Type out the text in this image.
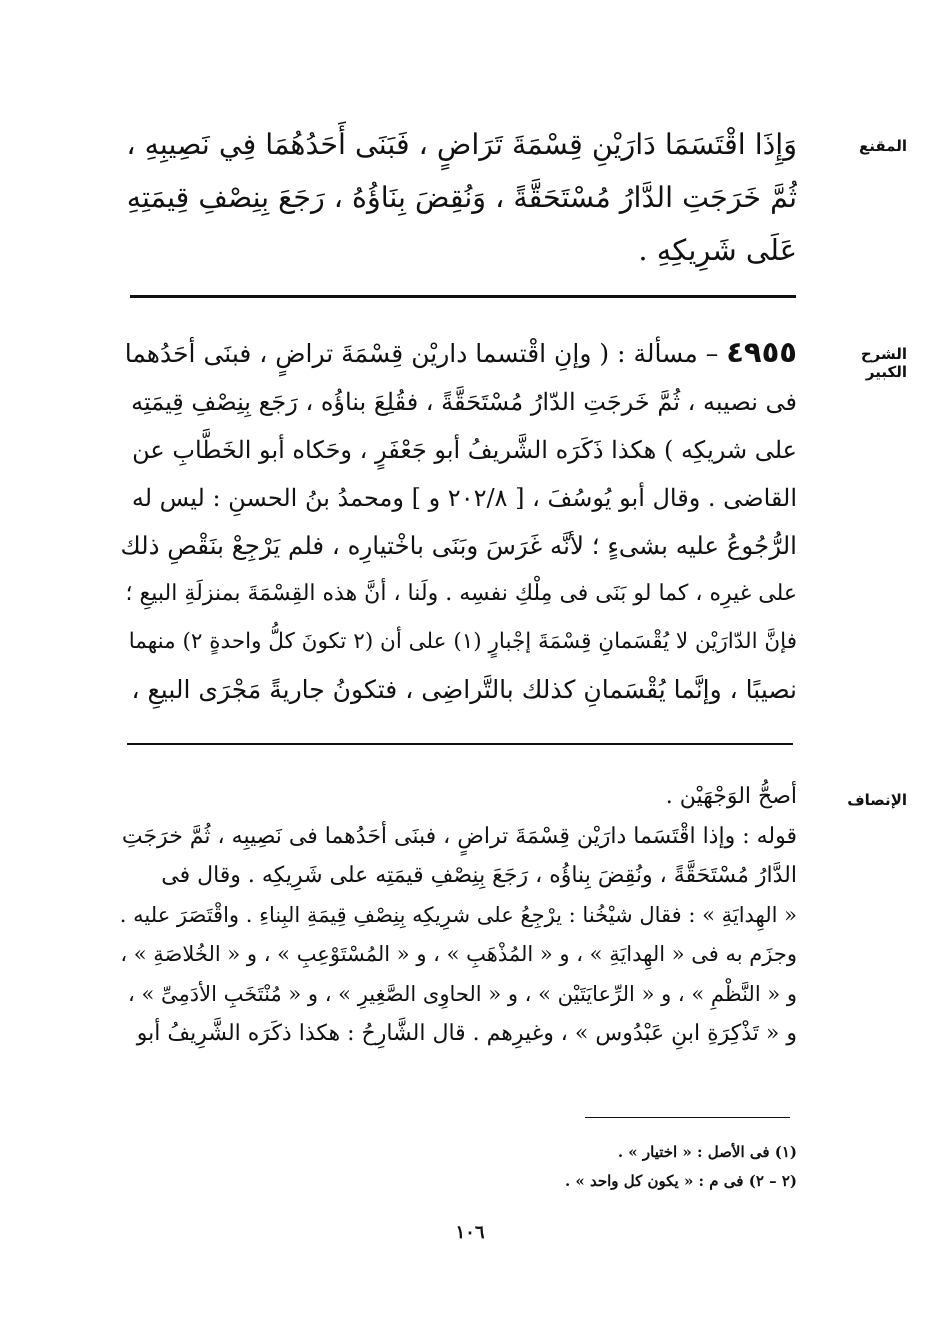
المقنع
وَإِذَا اقْتَسَمَا دَارَيْنِ قِسْمَةَ تَرَاضٍ ، فَبَنَى أَحَدُهُمَا فِي نَصِيبِهِ ،
ثُمَّ خَرَجَتِ الدَّارُ مُسْتَحَقَّةً ، وَنُقِضَ بِنَاؤُهُ ، رَجَعَ بِنِصْفِ قِيمَتِهِ
عَلَى شَرِيكِهِ .
الشرح الكبير
٤٩٥٥ – مسألة : ( وإنِ اقْتسما داريْن قِسْمَةَ تراضٍ ، فبنَى أحَدُهما
فى نصيبه ، ثُمَّ خَرجَتِ الدّارُ مُسْتَحَقَّةً ، فقُلِعَ بناؤُه ، رَجَع بِنِصْفِ قِيمَتِه
على شريكِه ) هكذا ذَكَرَه الشَّريفُ أبو جَعْفَرٍ ، وحَكاه أبو الخَطَّابِ عن
القاضى . وقال أبو يُوسُفَ ، [ ٢٠٢/٨ و ] ومحمدُ بنُ الحسنِ : ليس له
الرُّجُوعُ عليه بشىءٍ ؛ لأنَّه غَرَسَ وبَنَى باخْتيارِه ، فلم يَرْجِعْ بنَقْصِ ذلك
على غيرِه ، كما لو بَنَى فى مِلْكِ نفسِه . ولَنا ، أنَّ هذه القِسْمَةَ بمنزلَةِ البيعِ ؛
فإنَّ الدّارَيْن لا يُقْسَمانِ قِسْمَةَ إجْبارٍ (١) على أن (٢ تكونَ كلُّ واحدةٍ ٢) منهما
نصيبًا ، وإنَّما يُقْسَمانِ كذلك بالتَّراضِى ، فتكونُ جاريةً مَجْرَى البيعِ ،
الإنصاف
أصحُّ الوَجْهَيْن .
قوله : وإذا اقْتَسَما دارَيْن قِسْمَةَ تراضٍ ، فبنَى أحَدُهما فى نَصِيبِه ، ثُمَّ خرَجَتِ
الدَّارُ مُسْتَحَقَّةً ، ونُقِضَ بِناؤُه ، رَجَعَ بِنِصْفِ قيمَتِه على شَرِيكِه . وقال فى
« الهِدايَةِ » : فقال شيْخُنا : يرْجِعُ على شرِيكِه بِنِصْفِ قِيمَةِ البِناءِ . واقْتَصَرَ عليه .
وجزَم به فى « الهِدايَةِ » ، و « المُذْهَبِ » ، و « المُسْتَوْعِبِ » ، و « الخُلاصَةِ » ،
و « النَّظْمِ » ، و « الرِّعايَتَيْن » ، و « الحاوِى الصَّغِيرِ » ، و « مُنْتَخَبِ الأدَمِىِّ » ،
و « تَذْكِرَةِ ابنِ عَبْدُوس » ، وغيرِهم . قال الشَّارِحُ : هكذا ذكَرَه الشَّرِيفُ أبو
(١) فى الأصل : « اختيار » .
(٢ – ٢) فى م : « يكون كل واحد » .
١٠٦
